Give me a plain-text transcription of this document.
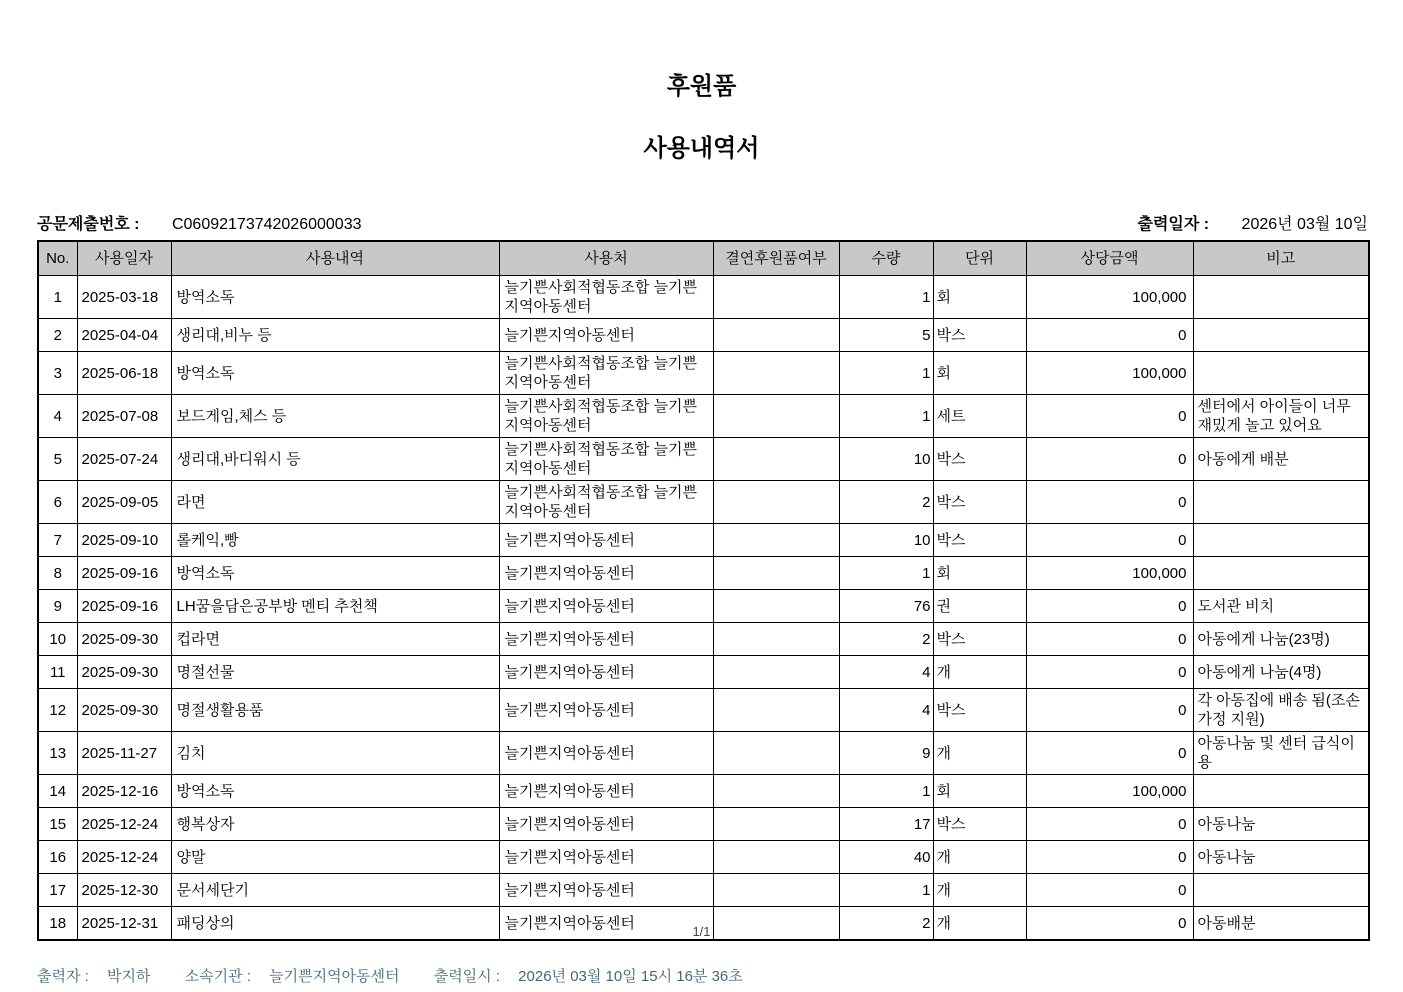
후원품

사용내역서

공문제출번호 : C06092173742026000033	출력일자 : 2026년 03월 10일
No.	사용일자	사용내역	사용처	결연후원품여부	수량	단위	상당금액	비고
1	2025-03-18	방역소독	늘기쁜사회적협동조합 늘기쁜지역아동센터		1	회	100,000	
2	2025-04-04	생리대,비누 등	늘기쁜지역아동센터		5	박스	0	
3	2025-06-18	방역소독	늘기쁜사회적협동조합 늘기쁜지역아동센터		1	회	100,000	
4	2025-07-08	보드게임,체스 등	늘기쁜사회적협동조합 늘기쁜지역아동센터		1	세트	0	센터에서 아이들이 너무 재밌게 놀고 있어요
5	2025-07-24	생리대,바디워시 등	늘기쁜사회적협동조합 늘기쁜지역아동센터		10	박스	0	아동에게 배분
6	2025-09-05	라면	늘기쁜사회적협동조합 늘기쁜지역아동센터		2	박스	0	
7	2025-09-10	롤케익,빵	늘기쁜지역아동센터		10	박스	0	
8	2025-09-16	방역소독	늘기쁜지역아동센터		1	회	100,000	
9	2025-09-16	LH꿈을담은공부방 멘티 추천책	늘기쁜지역아동센터		76	권	0	도서관 비치
10	2025-09-30	컵라면	늘기쁜지역아동센터		2	박스	0	아동에게 나눔(23명)
11	2025-09-30	명절선물	늘기쁜지역아동센터		4	개	0	아동에게 나눔(4명)
12	2025-09-30	명절생활용품	늘기쁜지역아동센터		4	박스	0	각 아동집에 배송 됨(조손가정 지원)
13	2025-11-27	김치	늘기쁜지역아동센터		9	개	0	아동나눔 및 센터 급식이용
14	2025-12-16	방역소독	늘기쁜지역아동센터		1	회	100,000	
15	2025-12-24	행복상자	늘기쁜지역아동센터		17	박스	0	아동나눔
16	2025-12-24	양말	늘기쁜지역아동센터		40	개	0	아동나눔
17	2025-12-30	문서세단기	늘기쁜지역아동센터		1	개	0	
18	2025-12-31	패딩상의	늘기쁜지역아동센터		2	개	0	아동배분
출력자 : 박지하 소속기관 : 늘기쁜지역아동센터 출력일시 : 2026년 03월 10일 15시 16분 36초
1/1
